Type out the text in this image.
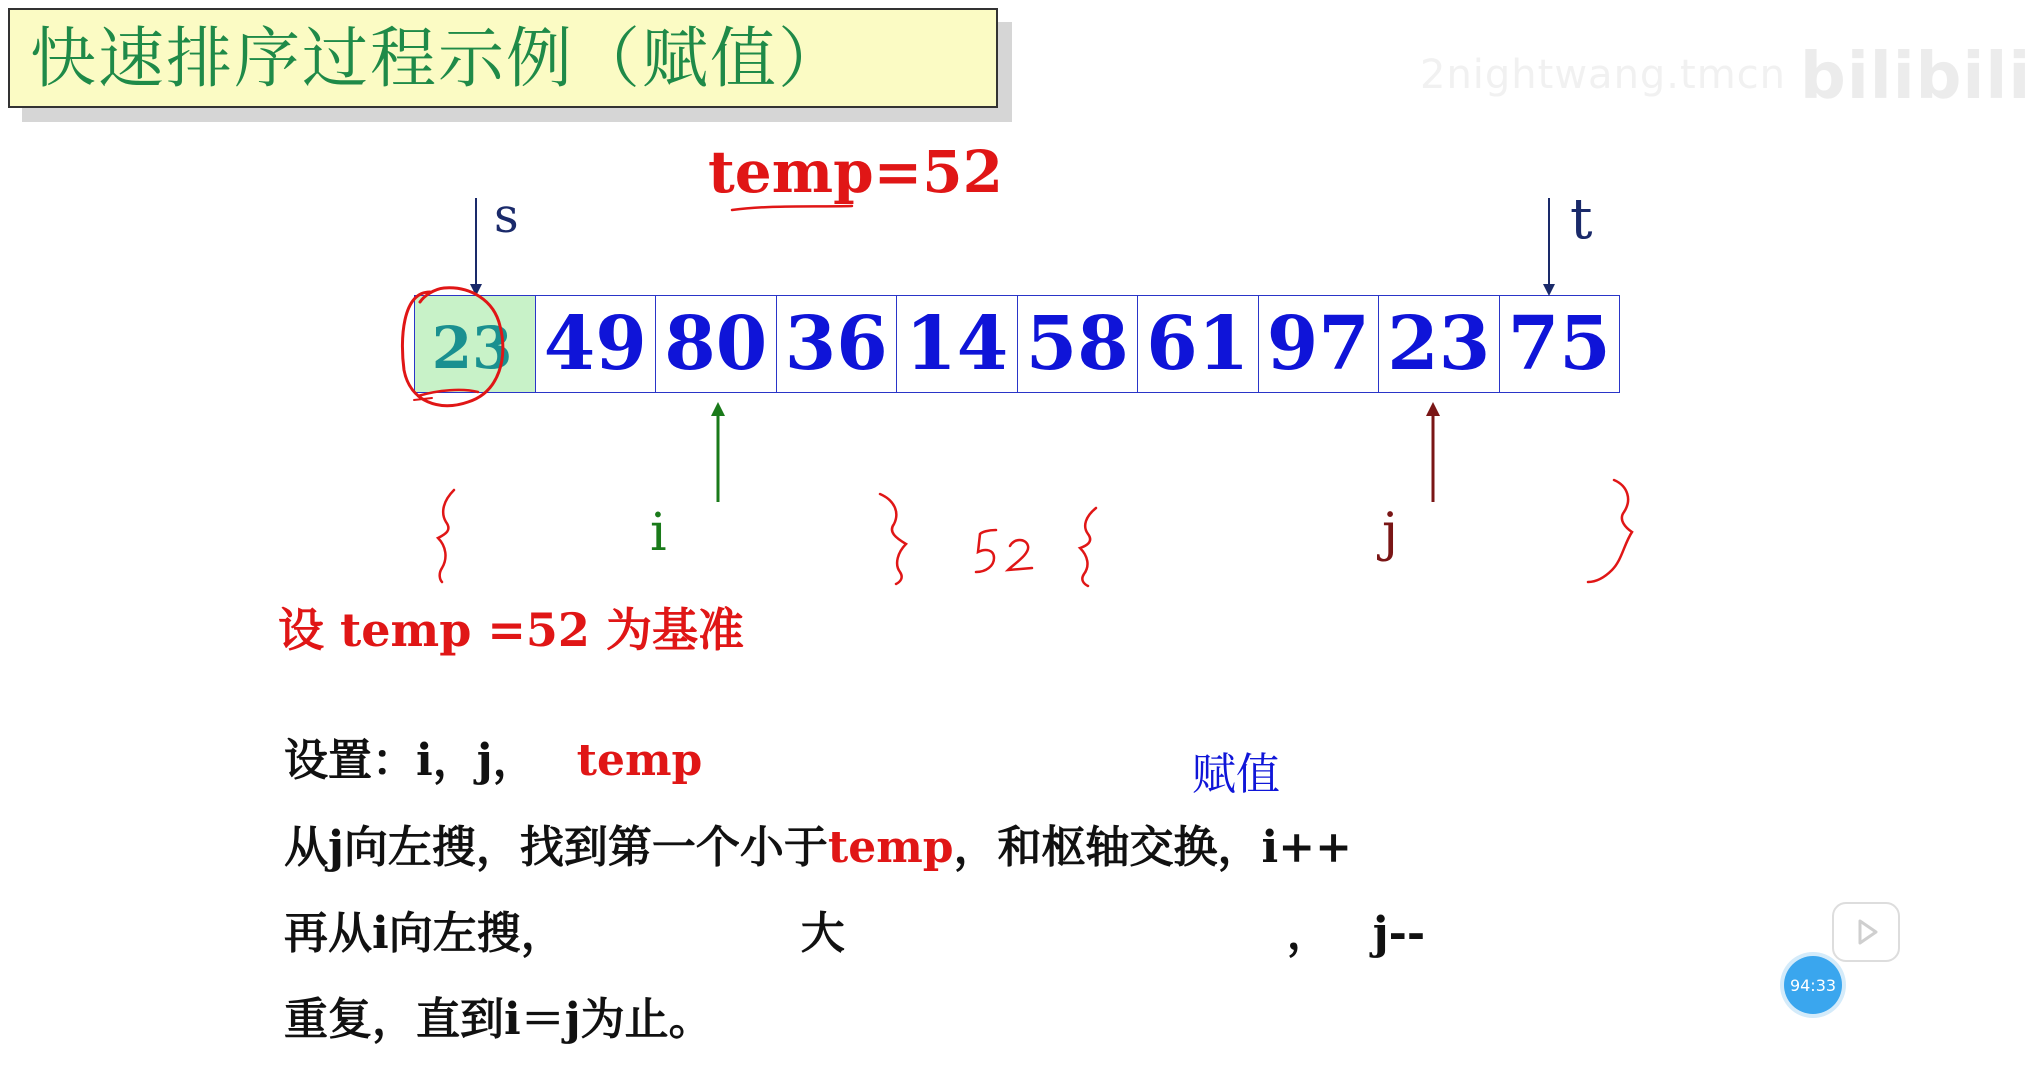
快速排序过程示例（赋值）	2nightwang.tmcn bilibili
temp=52
s	t
23 49 80 36 14 58 61 97 23 75
i	j
设 temp =52 为基准
赋值
设置：i，j， temp
从j向左搜，找到第一个小于temp，和枢轴交换，i++
再从i向左搜，	大	， j--
重复，直到i＝j为止。
94:33
